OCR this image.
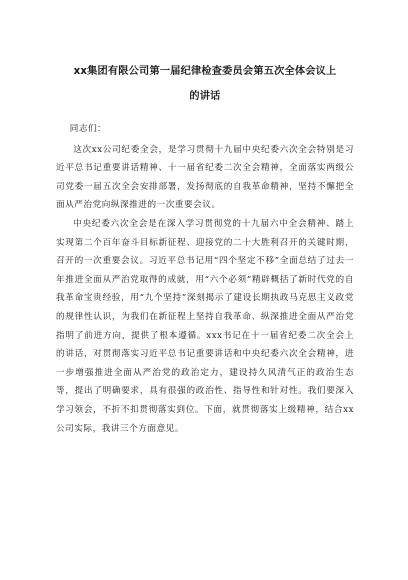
xx集团有限公司第一届纪律检查委员会第五次全体会议上
的讲话

同志们：

这次xx公司纪委全会，是学习贯彻十九届中央纪委六次全会特别是习近平总书记重要讲话精神、十一届省纪委二次全会精神，全面落实两级公司党委一届五次全会安排部署，发扬彻底的自我革命精神，坚持不懈把全面从严治党向纵深推进的一次重要会议。

中央纪委六次全会是在深入学习贯彻党的十九届六中全会精神、踏上实现第二个百年奋斗目标新征程、迎接党的二十大胜利召开的关键时期，召开的一次重要会议。习近平总书记用“四个坚定不移”全面总结了过去一年推进全面从严治党取得的成就，用“六个必须”精辟概括了新时代党的自我革命宝贵经验，用“九个坚持”深刻揭示了建设长期执政马克思主义政党的规律性认识，为我们在新征程上坚持自我革命、纵深推进全面从严治党指明了前进方向，提供了根本遵循。xxx书记在十一届省纪委二次全会上的讲话，对贯彻落实习近平总书记重要讲话和中央纪委六次全会精神，进一步增强推进全面从严治党的政治定力，建设持久风清气正的政治生态等，提出了明确要求，具有很强的政治性、指导性和针对性。我们要深入学习领会，不折不扣贯彻落实到位。下面，就贯彻落实上级精神，结合xx公司实际，我讲三个方面意见。
